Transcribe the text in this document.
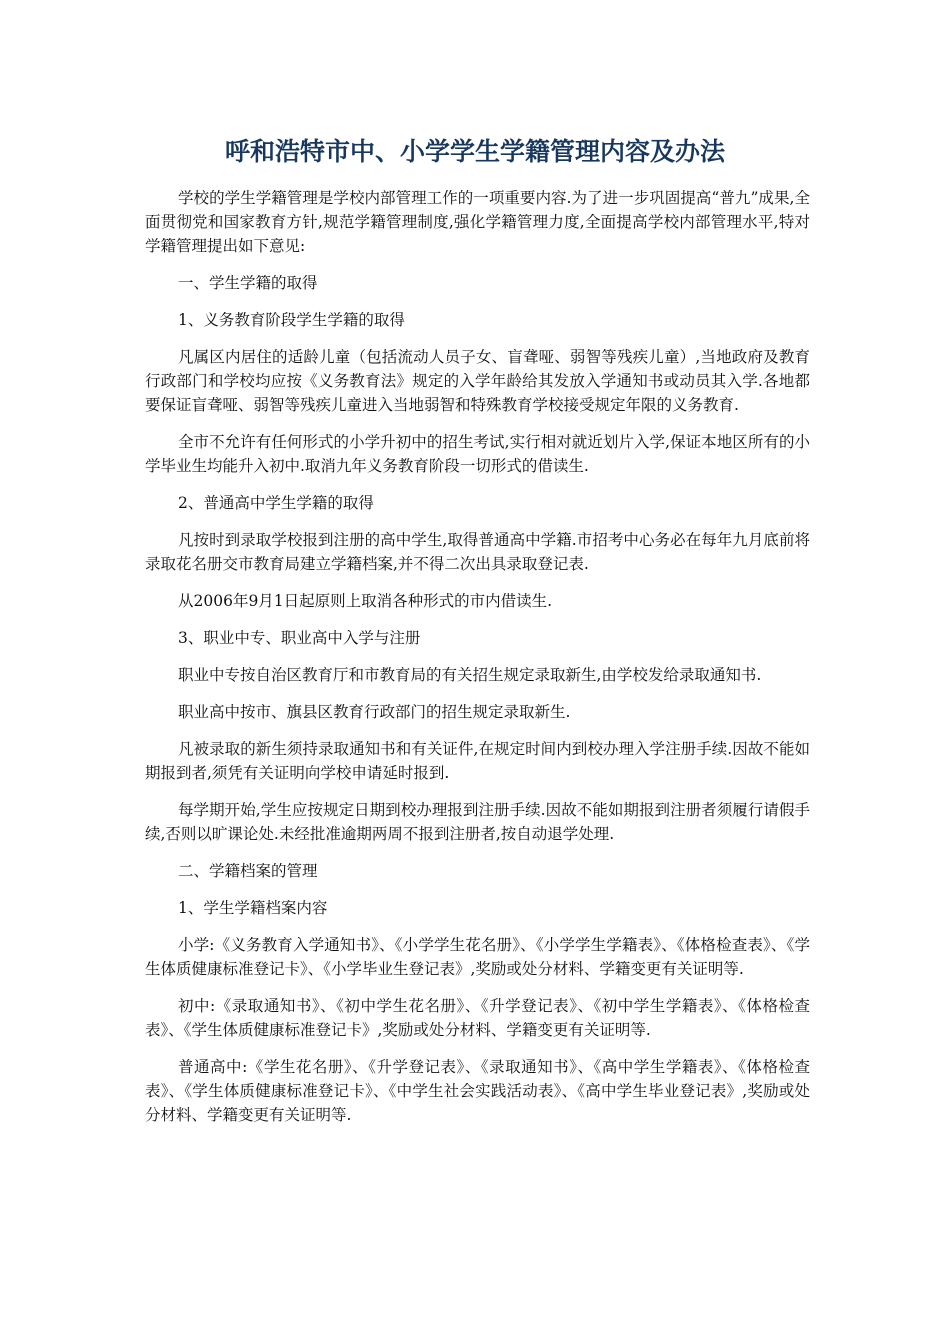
呼和浩特市中、小学学生学籍管理内容及办法

学校的学生学籍管理是学校内部管理工作的一项重要内容.为了进一步巩固提高“普九”成果,全面贯彻党和国家教育方针,规范学籍管理制度,强化学籍管理力度,全面提高学校内部管理水平,特对学籍管理提出如下意见:

一、学生学籍的取得

1、义务教育阶段学生学籍的取得

凡属区内居住的适龄儿童（包括流动人员子女、盲聋哑、弱智等残疾儿童）,当地政府及教育行政部门和学校均应按《义务教育法》规定的入学年龄给其发放入学通知书或动员其入学.各地都要保证盲聋哑、弱智等残疾儿童进入当地弱智和特殊教育学校接受规定年限的义务教育.

全市不允许有任何形式的小学升初中的招生考试,实行相对就近划片入学,保证本地区所有的小学毕业生均能升入初中.取消九年义务教育阶段一切形式的借读生.

2、普通高中学生学籍的取得

凡按时到录取学校报到注册的高中学生,取得普通高中学籍.市招考中心务必在每年九月底前将录取花名册交市教育局建立学籍档案,并不得二次出具录取登记表.

从2006年9月1日起原则上取消各种形式的市内借读生.

3、职业中专、职业高中入学与注册

职业中专按自治区教育厅和市教育局的有关招生规定录取新生,由学校发给录取通知书.

职业高中按市、旗县区教育行政部门的招生规定录取新生.

凡被录取的新生须持录取通知书和有关证件,在规定时间内到校办理入学注册手续.因故不能如期报到者,须凭有关证明向学校申请延时报到.

每学期开始,学生应按规定日期到校办理报到注册手续.因故不能如期报到注册者须履行请假手续,否则以旷课论处.未经批准逾期两周不报到注册者,按自动退学处理.

二、学籍档案的管理

1、学生学籍档案内容

小学:《义务教育入学通知书》、《小学学生花名册》、《小学学生学籍表》、《体格检查表》、《学生体质健康标准登记卡》、《小学毕业生登记表》,奖励或处分材料、学籍变更有关证明等.

初中:《录取通知书》、《初中学生花名册》、《升学登记表》、《初中学生学籍表》、《体格检查表》、《学生体质健康标准登记卡》,奖励或处分材料、学籍变更有关证明等.

普通高中:《学生花名册》、《升学登记表》、《录取通知书》、《高中学生学籍表》、《体格检查表》、《学生体质健康标准登记卡》、《中学生社会实践活动表》、《高中学生毕业登记表》,奖励或处分材料、学籍变更有关证明等.
